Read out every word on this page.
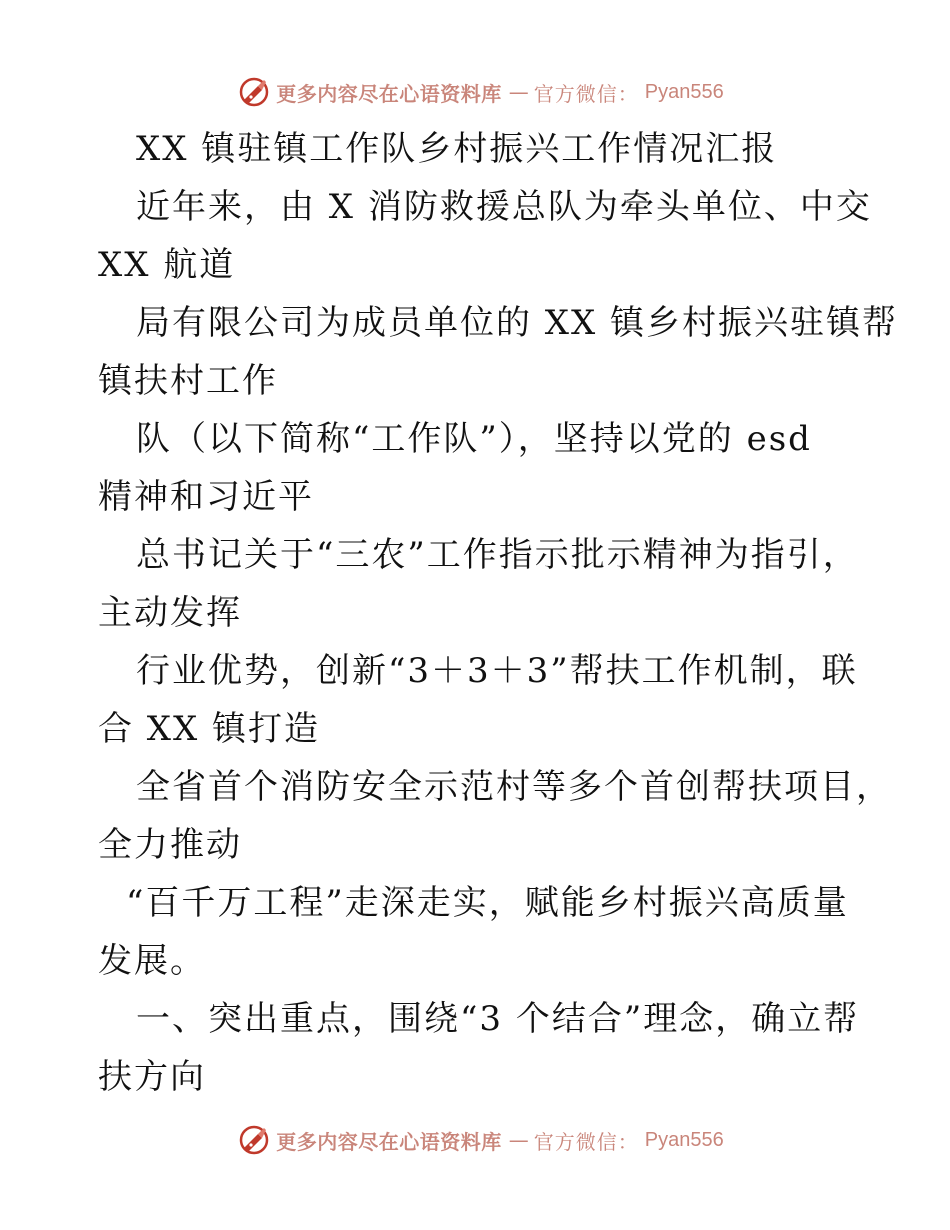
更多内容尽在心语资料库 — 官方微信： Pyan556
XX 镇驻镇工作队乡村振兴工作情况汇报
近年来，由 X 消防救援总队为牵头单位、中交
XX 航道
局有限公司为成员单位的 XX 镇乡村振兴驻镇帮
镇扶村工作
队（以下简称“工作队”），坚持以党的 esd
精神和习近平
总书记关于“三农”工作指示批示精神为指引，
主动发挥
行业优势，创新“3＋3＋3”帮扶工作机制，联
合 XX 镇打造
全省首个消防安全示范村等多个首创帮扶项目，
全力推动
“百千万工程”走深走实，赋能乡村振兴高质量
发展。
一、突出重点，围绕“3 个结合”理念，确立帮
扶方向
更多内容尽在心语资料库 — 官方微信： Pyan556
